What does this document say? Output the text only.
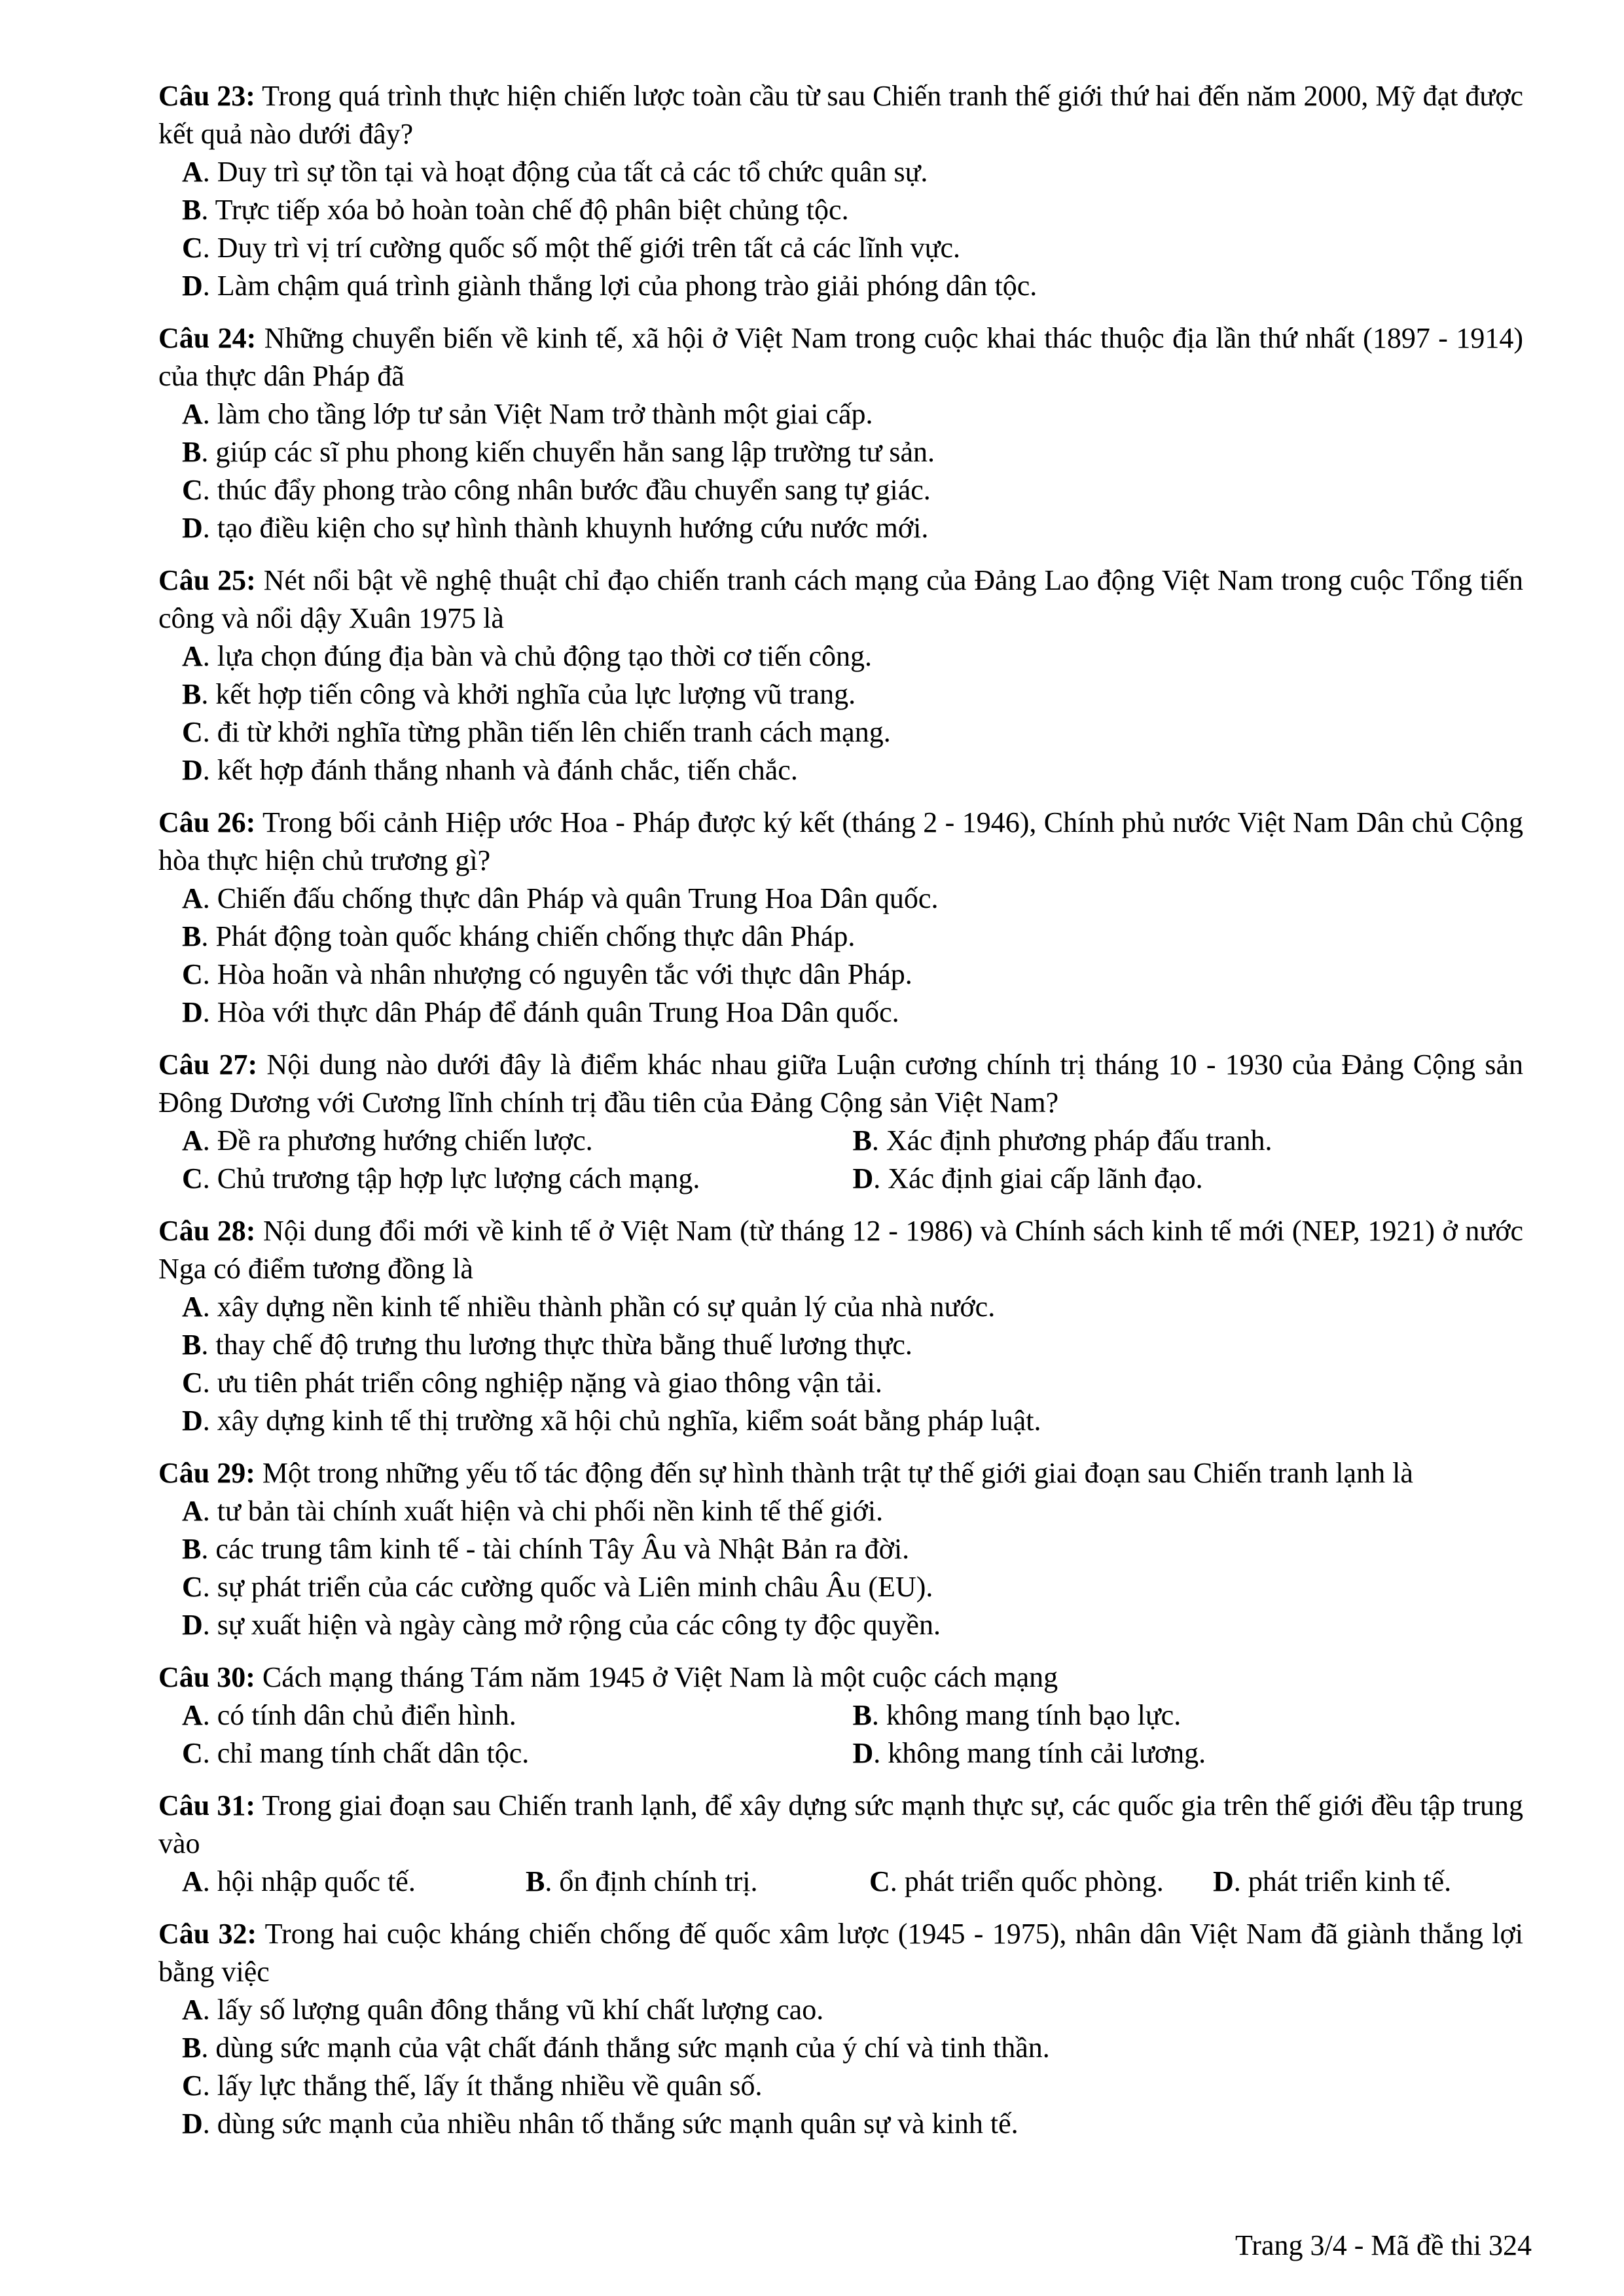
Câu 23: Trong quá trình thực hiện chiến lược toàn cầu từ sau Chiến tranh thế giới thứ hai đến năm 2000, Mỹ đạt được kết quả nào dưới đây?
A. Duy trì sự tồn tại và hoạt động của tất cả các tổ chức quân sự.
B. Trực tiếp xóa bỏ hoàn toàn chế độ phân biệt chủng tộc.
C. Duy trì vị trí cường quốc số một thế giới trên tất cả các lĩnh vực.
D. Làm chậm quá trình giành thắng lợi của phong trào giải phóng dân tộc.
Câu 24: Những chuyển biến về kinh tế, xã hội ở Việt Nam trong cuộc khai thác thuộc địa lần thứ nhất (1897 - 1914) của thực dân Pháp đã
A. làm cho tầng lớp tư sản Việt Nam trở thành một giai cấp.
B. giúp các sĩ phu phong kiến chuyển hẳn sang lập trường tư sản.
C. thúc đẩy phong trào công nhân bước đầu chuyển sang tự giác.
D. tạo điều kiện cho sự hình thành khuynh hướng cứu nước mới.
Câu 25: Nét nổi bật về nghệ thuật chỉ đạo chiến tranh cách mạng của Đảng Lao động Việt Nam trong cuộc Tổng tiến công và nổi dậy Xuân 1975 là
A. lựa chọn đúng địa bàn và chủ động tạo thời cơ tiến công.
B. kết hợp tiến công và khởi nghĩa của lực lượng vũ trang.
C. đi từ khởi nghĩa từng phần tiến lên chiến tranh cách mạng.
D. kết hợp đánh thắng nhanh và đánh chắc, tiến chắc.
Câu 26: Trong bối cảnh Hiệp ước Hoa - Pháp được ký kết (tháng 2 - 1946), Chính phủ nước Việt Nam Dân chủ Cộng hòa thực hiện chủ trương gì?
A. Chiến đấu chống thực dân Pháp và quân Trung Hoa Dân quốc.
B. Phát động toàn quốc kháng chiến chống thực dân Pháp.
C. Hòa hoãn và nhân nhượng có nguyên tắc với thực dân Pháp.
D. Hòa với thực dân Pháp để đánh quân Trung Hoa Dân quốc.
Câu 27: Nội dung nào dưới đây là điểm khác nhau giữa Luận cương chính trị tháng 10 - 1930 của Đảng Cộng sản Đông Dương với Cương lĩnh chính trị đầu tiên của Đảng Cộng sản Việt Nam?
A. Đề ra phương hướng chiến lược.	B. Xác định phương pháp đấu tranh.
C. Chủ trương tập hợp lực lượng cách mạng.	D. Xác định giai cấp lãnh đạo.
Câu 28: Nội dung đổi mới về kinh tế ở Việt Nam (từ tháng 12 - 1986) và Chính sách kinh tế mới (NEP, 1921) ở nước Nga có điểm tương đồng là
A. xây dựng nền kinh tế nhiều thành phần có sự quản lý của nhà nước.
B. thay chế độ trưng thu lương thực thừa bằng thuế lương thực.
C. ưu tiên phát triển công nghiệp nặng và giao thông vận tải.
D. xây dựng kinh tế thị trường xã hội chủ nghĩa, kiểm soát bằng pháp luật.
Câu 29: Một trong những yếu tố tác động đến sự hình thành trật tự thế giới giai đoạn sau Chiến tranh lạnh là
A. tư bản tài chính xuất hiện và chi phối nền kinh tế thế giới.
B. các trung tâm kinh tế - tài chính Tây Âu và Nhật Bản ra đời.
C. sự phát triển của các cường quốc và Liên minh châu Âu (EU).
D. sự xuất hiện và ngày càng mở rộng của các công ty độc quyền.
Câu 30: Cách mạng tháng Tám năm 1945 ở Việt Nam là một cuộc cách mạng
A. có tính dân chủ điển hình.	B. không mang tính bạo lực.
C. chỉ mang tính chất dân tộc.	D. không mang tính cải lương.
Câu 31: Trong giai đoạn sau Chiến tranh lạnh, để xây dựng sức mạnh thực sự, các quốc gia trên thế giới đều tập trung vào
A. hội nhập quốc tế.	B. ổn định chính trị.	C. phát triển quốc phòng.	D. phát triển kinh tế.
Câu 32: Trong hai cuộc kháng chiến chống đế quốc xâm lược (1945 - 1975), nhân dân Việt Nam đã giành thắng lợi bằng việc
A. lấy số lượng quân đông thắng vũ khí chất lượng cao.
B. dùng sức mạnh của vật chất đánh thắng sức mạnh của ý chí và tinh thần.
C. lấy lực thắng thế, lấy ít thắng nhiều về quân số.
D. dùng sức mạnh của nhiều nhân tố thắng sức mạnh quân sự và kinh tế.
Trang 3/4 - Mã đề thi 324
